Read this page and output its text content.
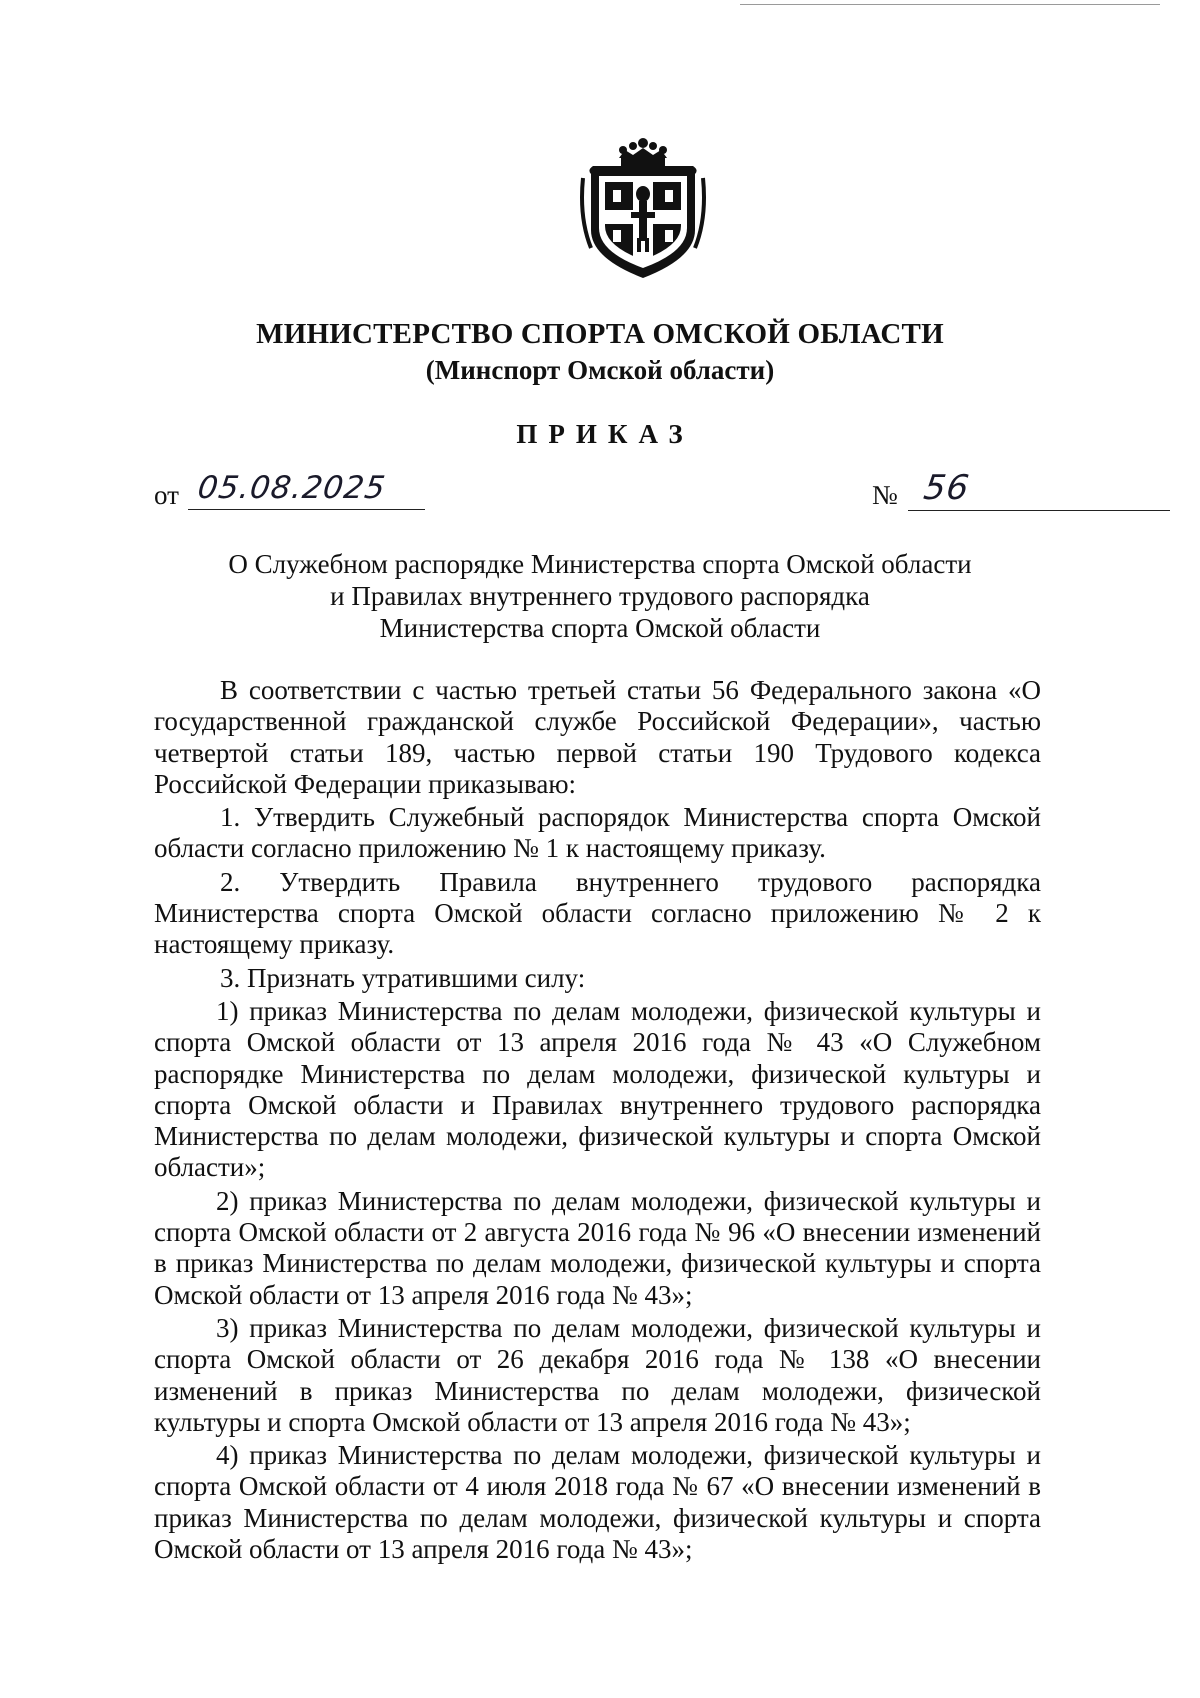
МИНИСТЕРСТВО СПОРТА ОМСКОЙ ОБЛАСТИ
(Минспорт Омской области)
ПРИКАЗ
от 05.08.2025	№ 56
О Служебном распорядке Министерства спорта Омской области
и Правилах внутреннего трудового распорядка
Министерства спорта Омской области

В соответствии с частью третьей статьи 56 Федерального закона «О государственной гражданской службе Российской Федерации», частью четвертой статьи 189, частью первой статьи 190 Трудового кодекса Российской Федерации приказываю:

1. Утвердить Служебный распорядок Министерства спорта Омской области согласно приложению № 1 к настоящему приказу.

2. Утвердить Правила внутреннего трудового распорядка Министерства спорта Омской области согласно приложению № 2 к настоящему приказу.

3. Признать утратившими силу:

1) приказ Министерства по делам молодежи, физической культуры и спорта Омской области от 13 апреля 2016 года № 43 «О Служебном распорядке Министерства по делам молодежи, физической культуры и спорта Омской области и Правилах внутреннего трудового распорядка Министерства по делам молодежи, физической культуры и спорта Омской области»;

2) приказ Министерства по делам молодежи, физической культуры и спорта Омской области от 2 августа 2016 года № 96 «О внесении изменений в приказ Министерства по делам молодежи, физической культуры и спорта Омской области от 13 апреля 2016 года № 43»;

3) приказ Министерства по делам молодежи, физической культуры и спорта Омской области от 26 декабря 2016 года № 138 «О внесении изменений в приказ Министерства по делам молодежи, физической культуры и спорта Омской области от 13 апреля 2016 года № 43»;

4) приказ Министерства по делам молодежи, физической культуры и спорта Омской области от 4 июля 2018 года № 67 «О внесении изменений в приказ Министерства по делам молодежи, физической культуры и спорта Омской области от 13 апреля 2016 года № 43»;
